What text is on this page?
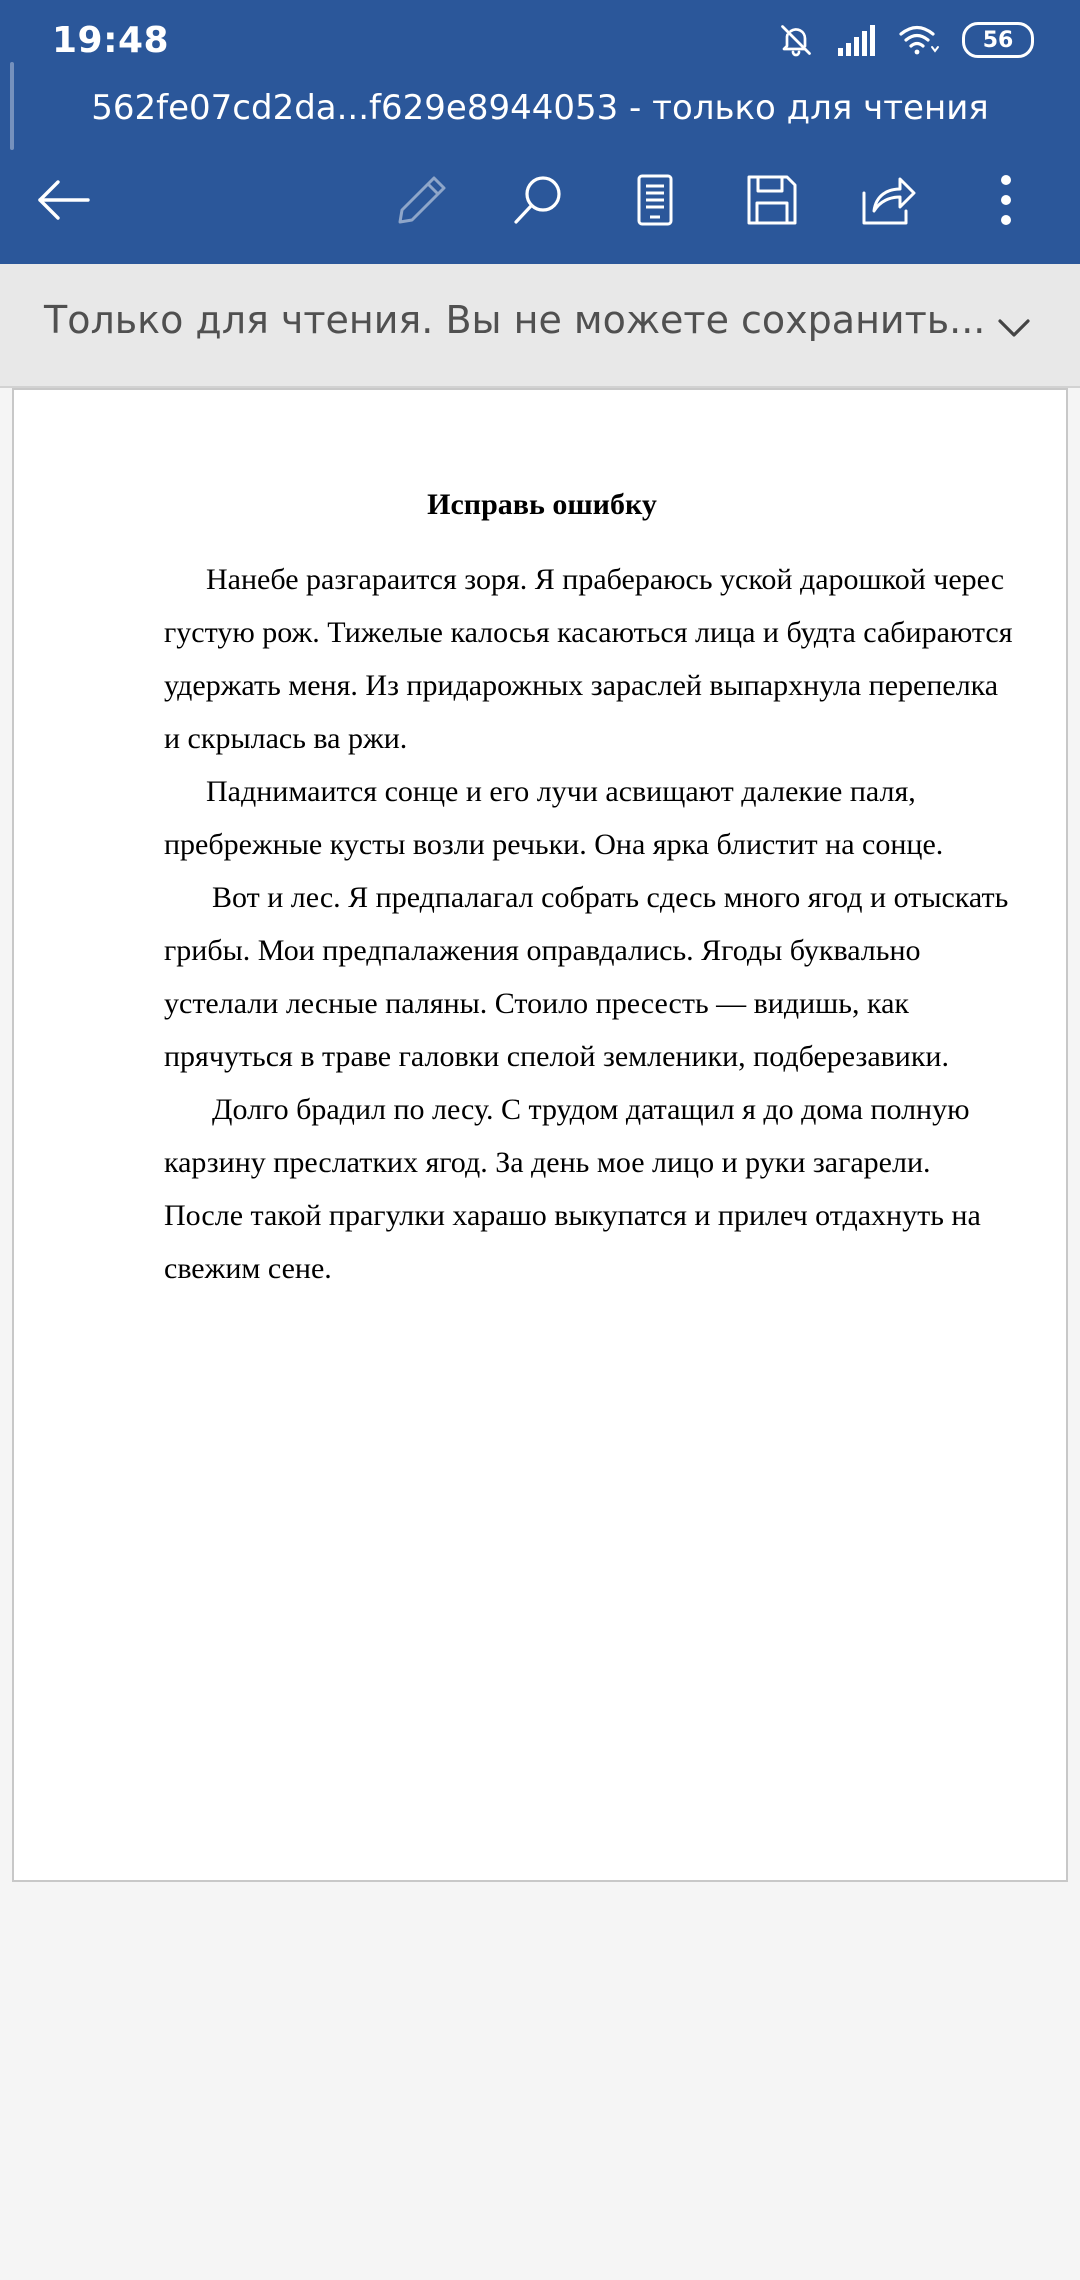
19:48	56
562fe07cd2da...f629e8944053 - только для чтения
Только для чтения. Вы не можете сохранить...
Исправь ошибку

Нанебе разгараится зоря. Я прабераюсь уской дарошкой черес густую рож. Тижелые калосья касаються лица и будта сабираются удержать меня. Из придарожных зараслей выпархнула перепелка и скрылась ва ржи.

Паднимаится сонце и его лучи асвищают далекие паля, пребрежные кусты возли речьки. Она ярка блистит на сонце.

Вот и лес. Я предпалагал собрать сдесь много ягод и отыскать грибы. Мои предпалажения оправдались. Ягоды буквально устелали лесные паляны. Стоило пресесть — видишь, как прячуться в траве галовки спелой земленики, подберезавики.

Долго брадил по лесу. С трудом датащил я до дома полную карзину преслатких ягод. За день мое лицо и руки загарели. После такой прагулки харашо выкупатся и прилеч отдахнуть на свежим сене.
